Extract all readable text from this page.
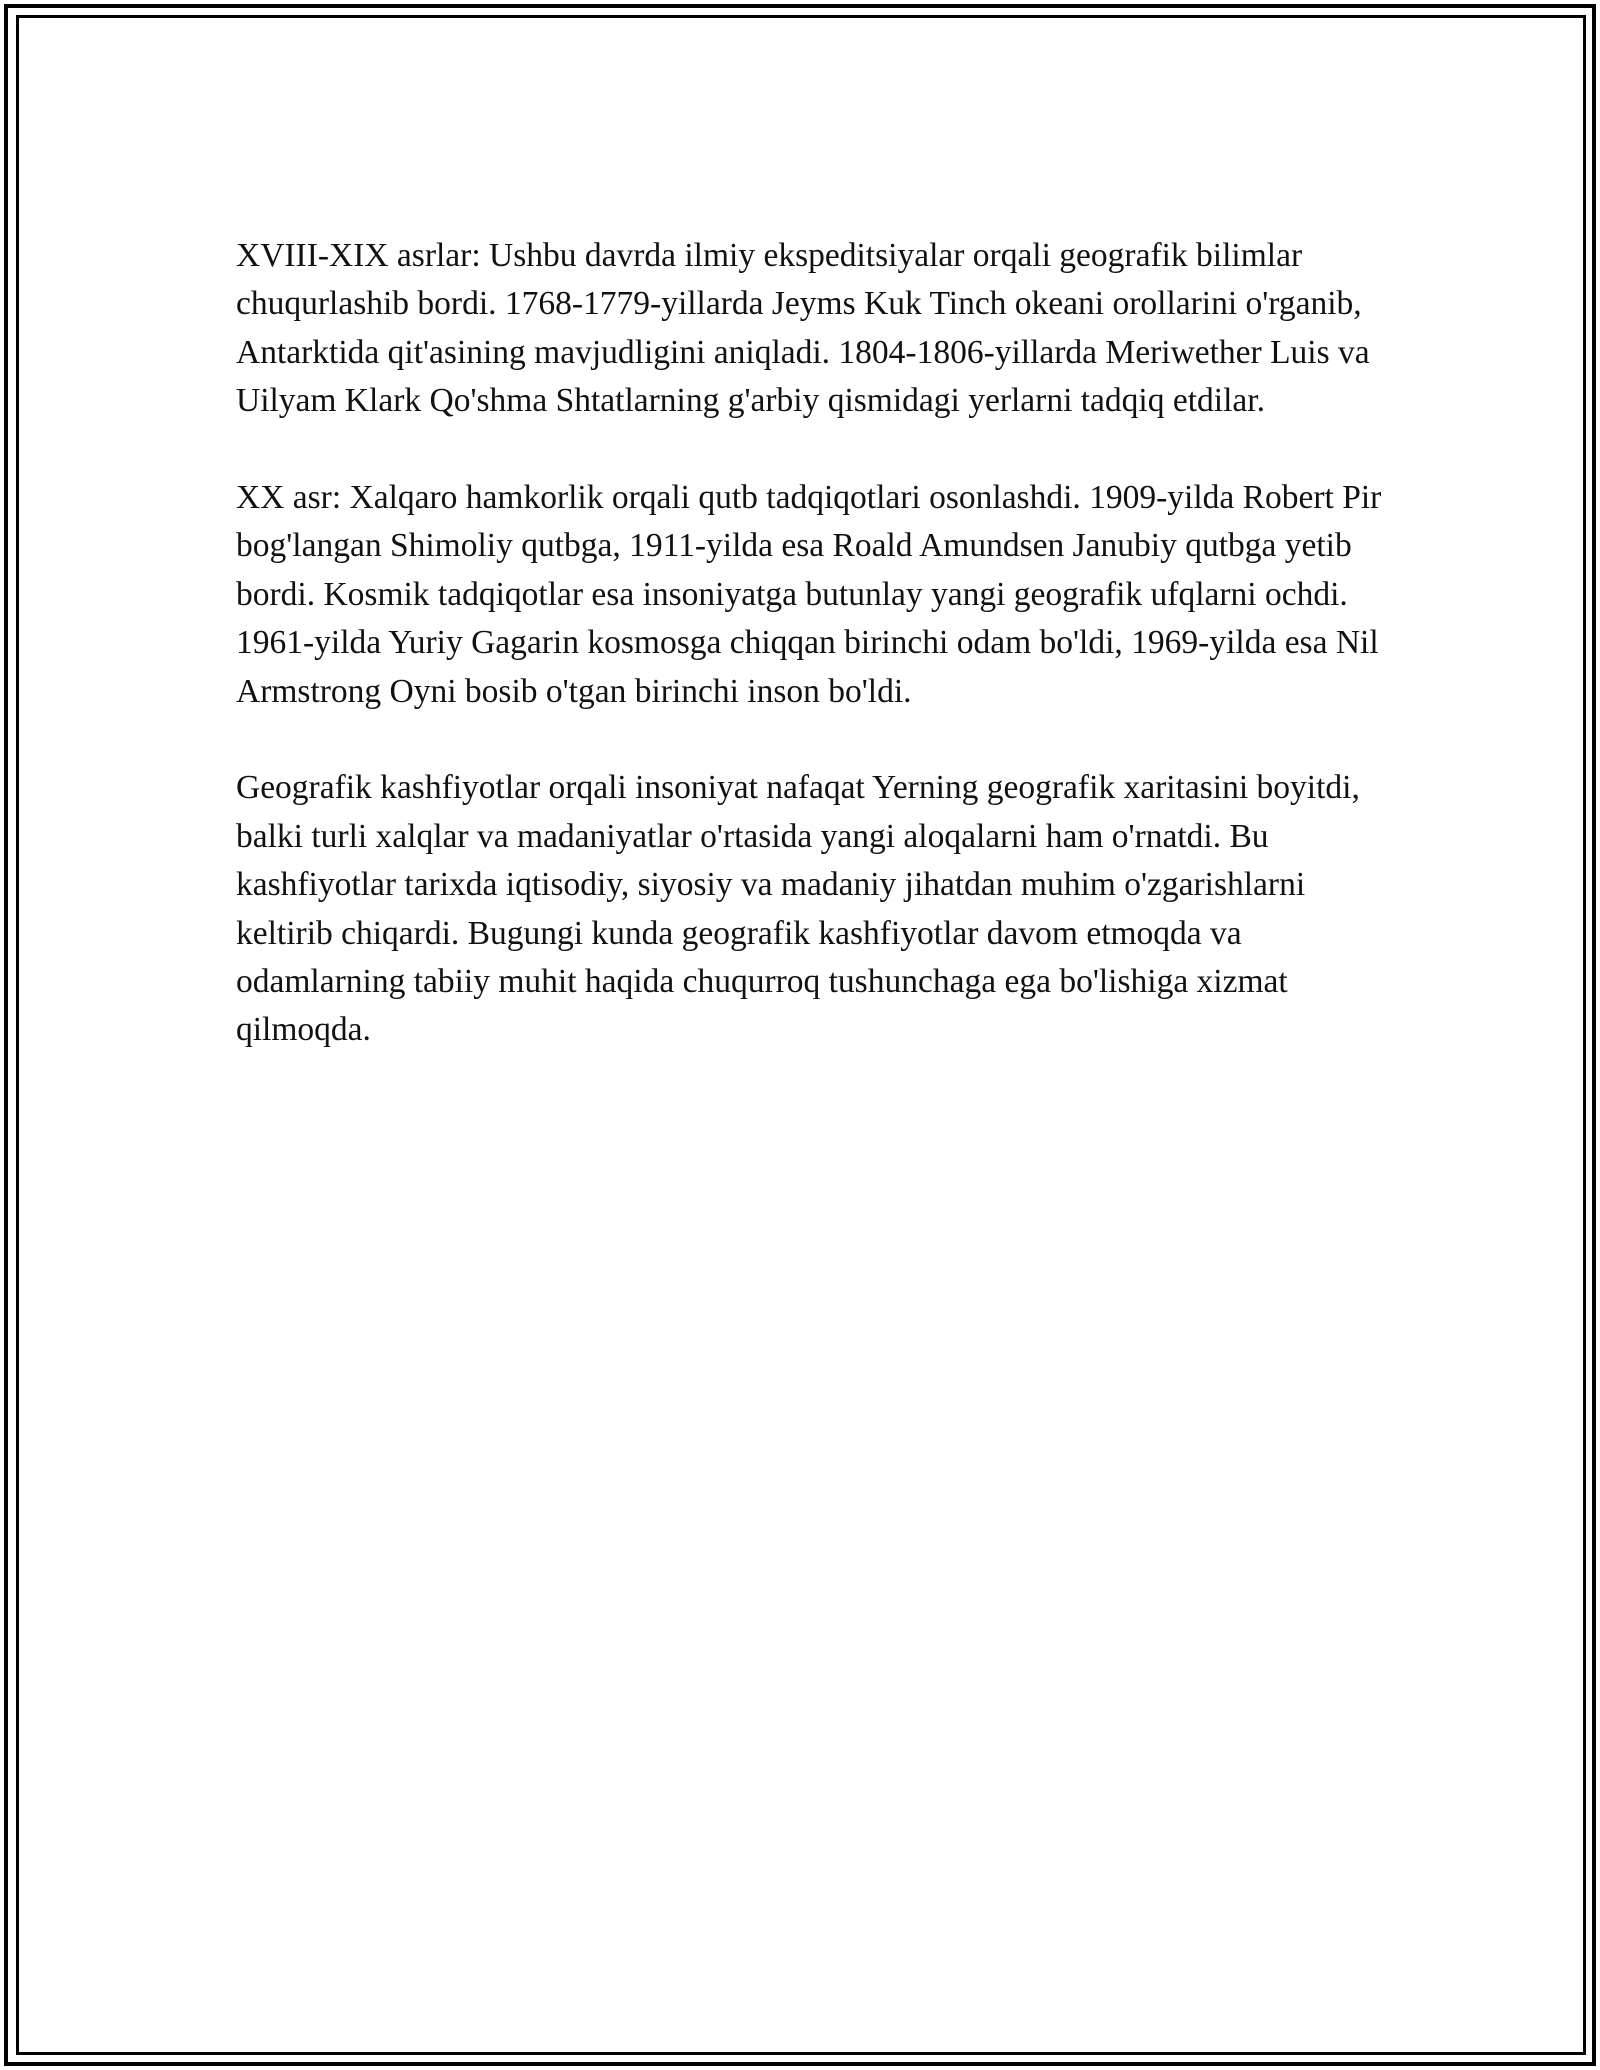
XVIII-XIX asrlar: Ushbu davrda ilmiy ekspeditsiyalar orqali geografik bilimlar chuqurlashib bordi. 1768-1779-yillarda Jeyms Kuk Tinch okeani orollarini o'rganib, Antarktida qit'asining mavjudligini aniqladi. 1804-1806-yillarda Meriwether Luis va Uilyam Klark Qo'shma Shtatlarning g'arbiy qismidagi yerlarni tadqiq etdilar.

XX asr: Xalqaro hamkorlik orqali qutb tadqiqotlari osonlashdi. 1909-yilda Robert Pir bog'langan Shimoliy qutbga, 1911-yilda esa Roald Amundsen Janubiy qutbga yetib bordi. Kosmik tadqiqotlar esa insoniyatga butunlay yangi geografik ufqlarni ochdi. 1961-yilda Yuriy Gagarin kosmosga chiqqan birinchi odam bo'ldi, 1969-yilda esa Nil Armstrong Oyni bosib o'tgan birinchi inson bo'ldi.

Geografik kashfiyotlar orqali insoniyat nafaqat Yerning geografik xaritasini boyitdi, balki turli xalqlar va madaniyatlar o'rtasida yangi aloqalarni ham o'rnatdi. Bu kashfiyotlar tarixda iqtisodiy, siyosiy va madaniy jihatdan muhim o'zgarishlarni keltirib chiqardi. Bugungi kunda geografik kashfiyotlar davom etmoqda va odamlarning tabiiy muhit haqida chuqurroq tushunchaga ega bo'lishiga xizmat qilmoqda.
